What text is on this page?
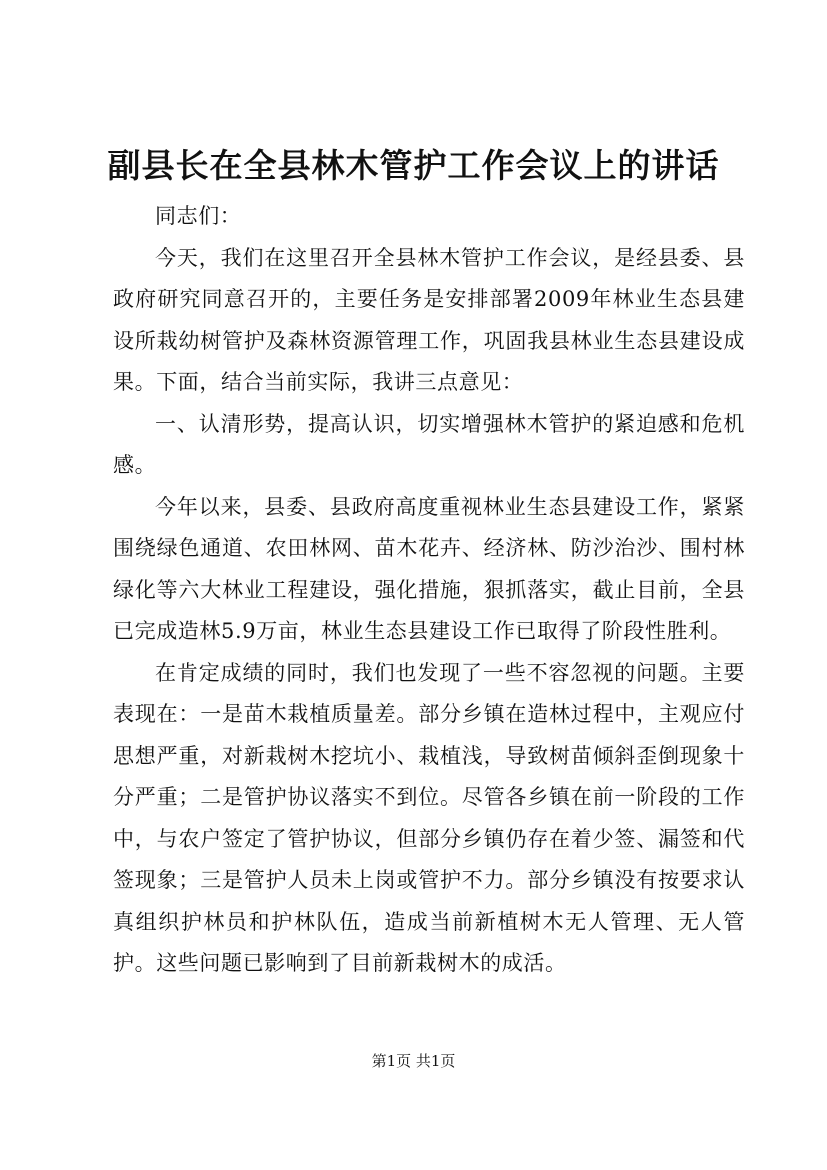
副县长在全县林木管护工作会议上的讲话

同志们：

今天，我们在这里召开全县林木管护工作会议，是经县委、县政府研究同意召开的，主要任务是安排部署2009年林业生态县建设所栽幼树管护及森林资源管理工作，巩固我县林业生态县建设成果。下面，结合当前实际，我讲三点意见：

一、认清形势，提高认识，切实增强林木管护的紧迫感和危机感。

今年以来，县委、县政府高度重视林业生态县建设工作，紧紧围绕绿色通道、农田林网、苗木花卉、经济林、防沙治沙、围村林绿化等六大林业工程建设，强化措施，狠抓落实，截止目前，全县已完成造林5.9万亩，林业生态县建设工作已取得了阶段性胜利。

在肯定成绩的同时，我们也发现了一些不容忽视的问题。主要表现在：一是苗木栽植质量差。部分乡镇在造林过程中，主观应付思想严重，对新栽树木挖坑小、栽植浅，导致树苗倾斜歪倒现象十分严重；二是管护协议落实不到位。尽管各乡镇在前一阶段的工作中，与农户签定了管护协议，但部分乡镇仍存在着少签、漏签和代签现象；三是管护人员未上岗或管护不力。部分乡镇没有按要求认真组织护林员和护林队伍，造成当前新植树木无人管理、无人管护。这些问题已影响到了目前新栽树木的成活。

第1页 共1页
